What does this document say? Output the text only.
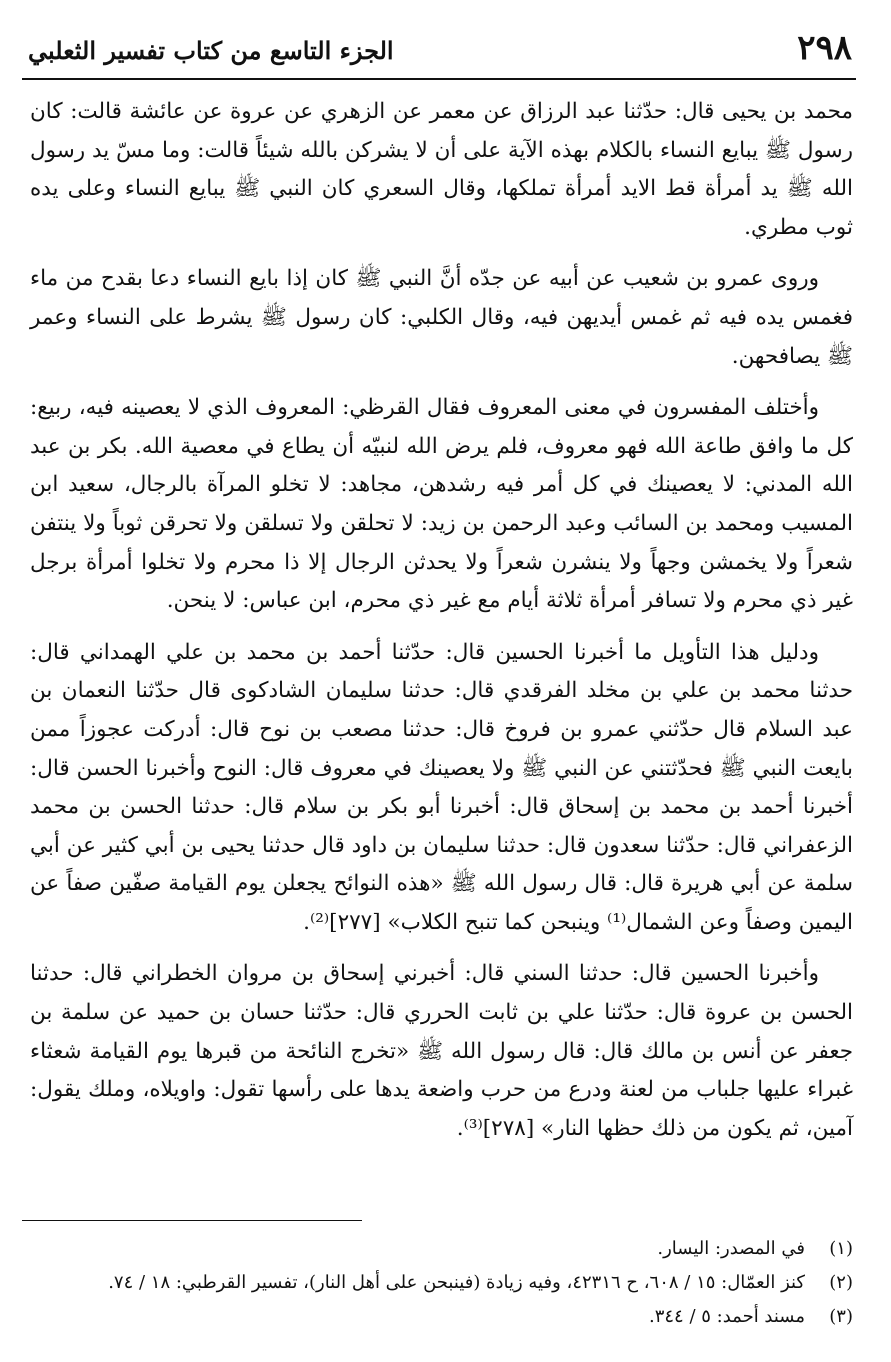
٢٩٨
الجزء التاسع من كتاب تفسير الثعلبي

محمد بن يحيى قال: حدّثنا عبد الرزاق عن معمر عن الزهري عن عروة عن عائشة قالت: كان رسول ﷺ يبايع النساء بالكلام بهذه الآية على أن لا يشركن بالله شيئاً قالت: وما مسّ يد رسول الله ﷺ يد أمرأة قط الايد أمرأة تملكها، وقال السعري كان النبي ﷺ يبايع النساء وعلى يده ثوب مطري.

وروى عمرو بن شعيب عن أبيه عن جدّه أنَّ النبي ﷺ كان إذا بايع النساء دعا بقدح من ماء فغمس يده فيه ثم غمس أيديهن فيه، وقال الكلبي: كان رسول ﷺ يشرط على النساء وعمر ﷺ يصافحهن.

وأختلف المفسرون في معنى المعروف فقال القرظي: المعروف الذي لا يعصينه فيه، ربيع: كل ما وافق طاعة الله فهو معروف، فلم يرض الله لنبيّه أن يطاع في معصية الله. بكر بن عبد الله المدني: لا يعصينك في كل أمر فيه رشدهن، مجاهد: لا تخلو المرآة بالرجال، سعيد ابن المسيب ومحمد بن السائب وعبد الرحمن بن زيد: لا تحلقن ولا تسلقن ولا تحرقن ثوباً ولا ينتفن شعراً ولا يخمشن وجهاً ولا ينشرن شعراً ولا يحدثن الرجال إلا ذا محرم ولا تخلوا أمرأة برجل غير ذي محرم ولا تسافر أمرأة ثلاثة أيام مع غير ذي محرم، ابن عباس: لا ينحن.

ودليل هذا التأويل ما أخبرنا الحسين قال: حدّثنا أحمد بن محمد بن علي الهمداني قال: حدثنا محمد بن علي بن مخلد الفرقدي قال: حدثنا سليمان الشادكوى قال حدّثنا النعمان بن عبد السلام قال حدّثني عمرو بن فروخ قال: حدثنا مصعب بن نوح قال: أدركت عجوزاً ممن بايعت النبي ﷺ فحدّثتني عن النبي ﷺ ولا يعصينك في معروف قال: النوح وأخبرنا الحسن قال: أخبرنا أحمد بن محمد بن إسحاق قال: أخبرنا أبو بكر بن سلام قال: حدثنا الحسن بن محمد الزعفراني قال: حدّثنا سعدون قال: حدثنا سليمان بن داود قال حدثنا يحيى بن أبي كثير عن أبي سلمة عن أبي هريرة قال: قال رسول الله ﷺ «هذه النوائح يجعلن يوم القيامة صفّين صفاً عن اليمين وصفاً وعن الشمال⁽¹⁾ وينبحن كما تنبح الكلاب» [٢٧٧]⁽²⁾.

وأخبرنا الحسين قال: حدثنا السني قال: أخبرني إسحاق بن مروان الخطراني قال: حدثنا الحسن بن عروة قال: حدّثنا علي بن ثابت الحرري قال: حدّثنا حسان بن حميد عن سلمة بن جعفر عن أنس بن مالك قال: قال رسول الله ﷺ «تخرج النائحة من قبرها يوم القيامة شعثاء غبراء عليها جلباب من لعنة ودرع من حرب واضعة يدها على رأسها تقول: واويلاه، وملك يقول: آمين، ثم يكون من ذلك حظها النار» [٢٧٨]⁽³⁾.

(١)في المصدر: اليسار.

(٢)كنز العمّال: ١٥ / ٦٠٨، ح ٤٢٣١٦، وفيه زيادة (فينبحن على أهل النار)، تفسير القرطبي: ١٨ / ٧٤.

(٣)مسند أحمد: ٥ / ٣٤٤.
